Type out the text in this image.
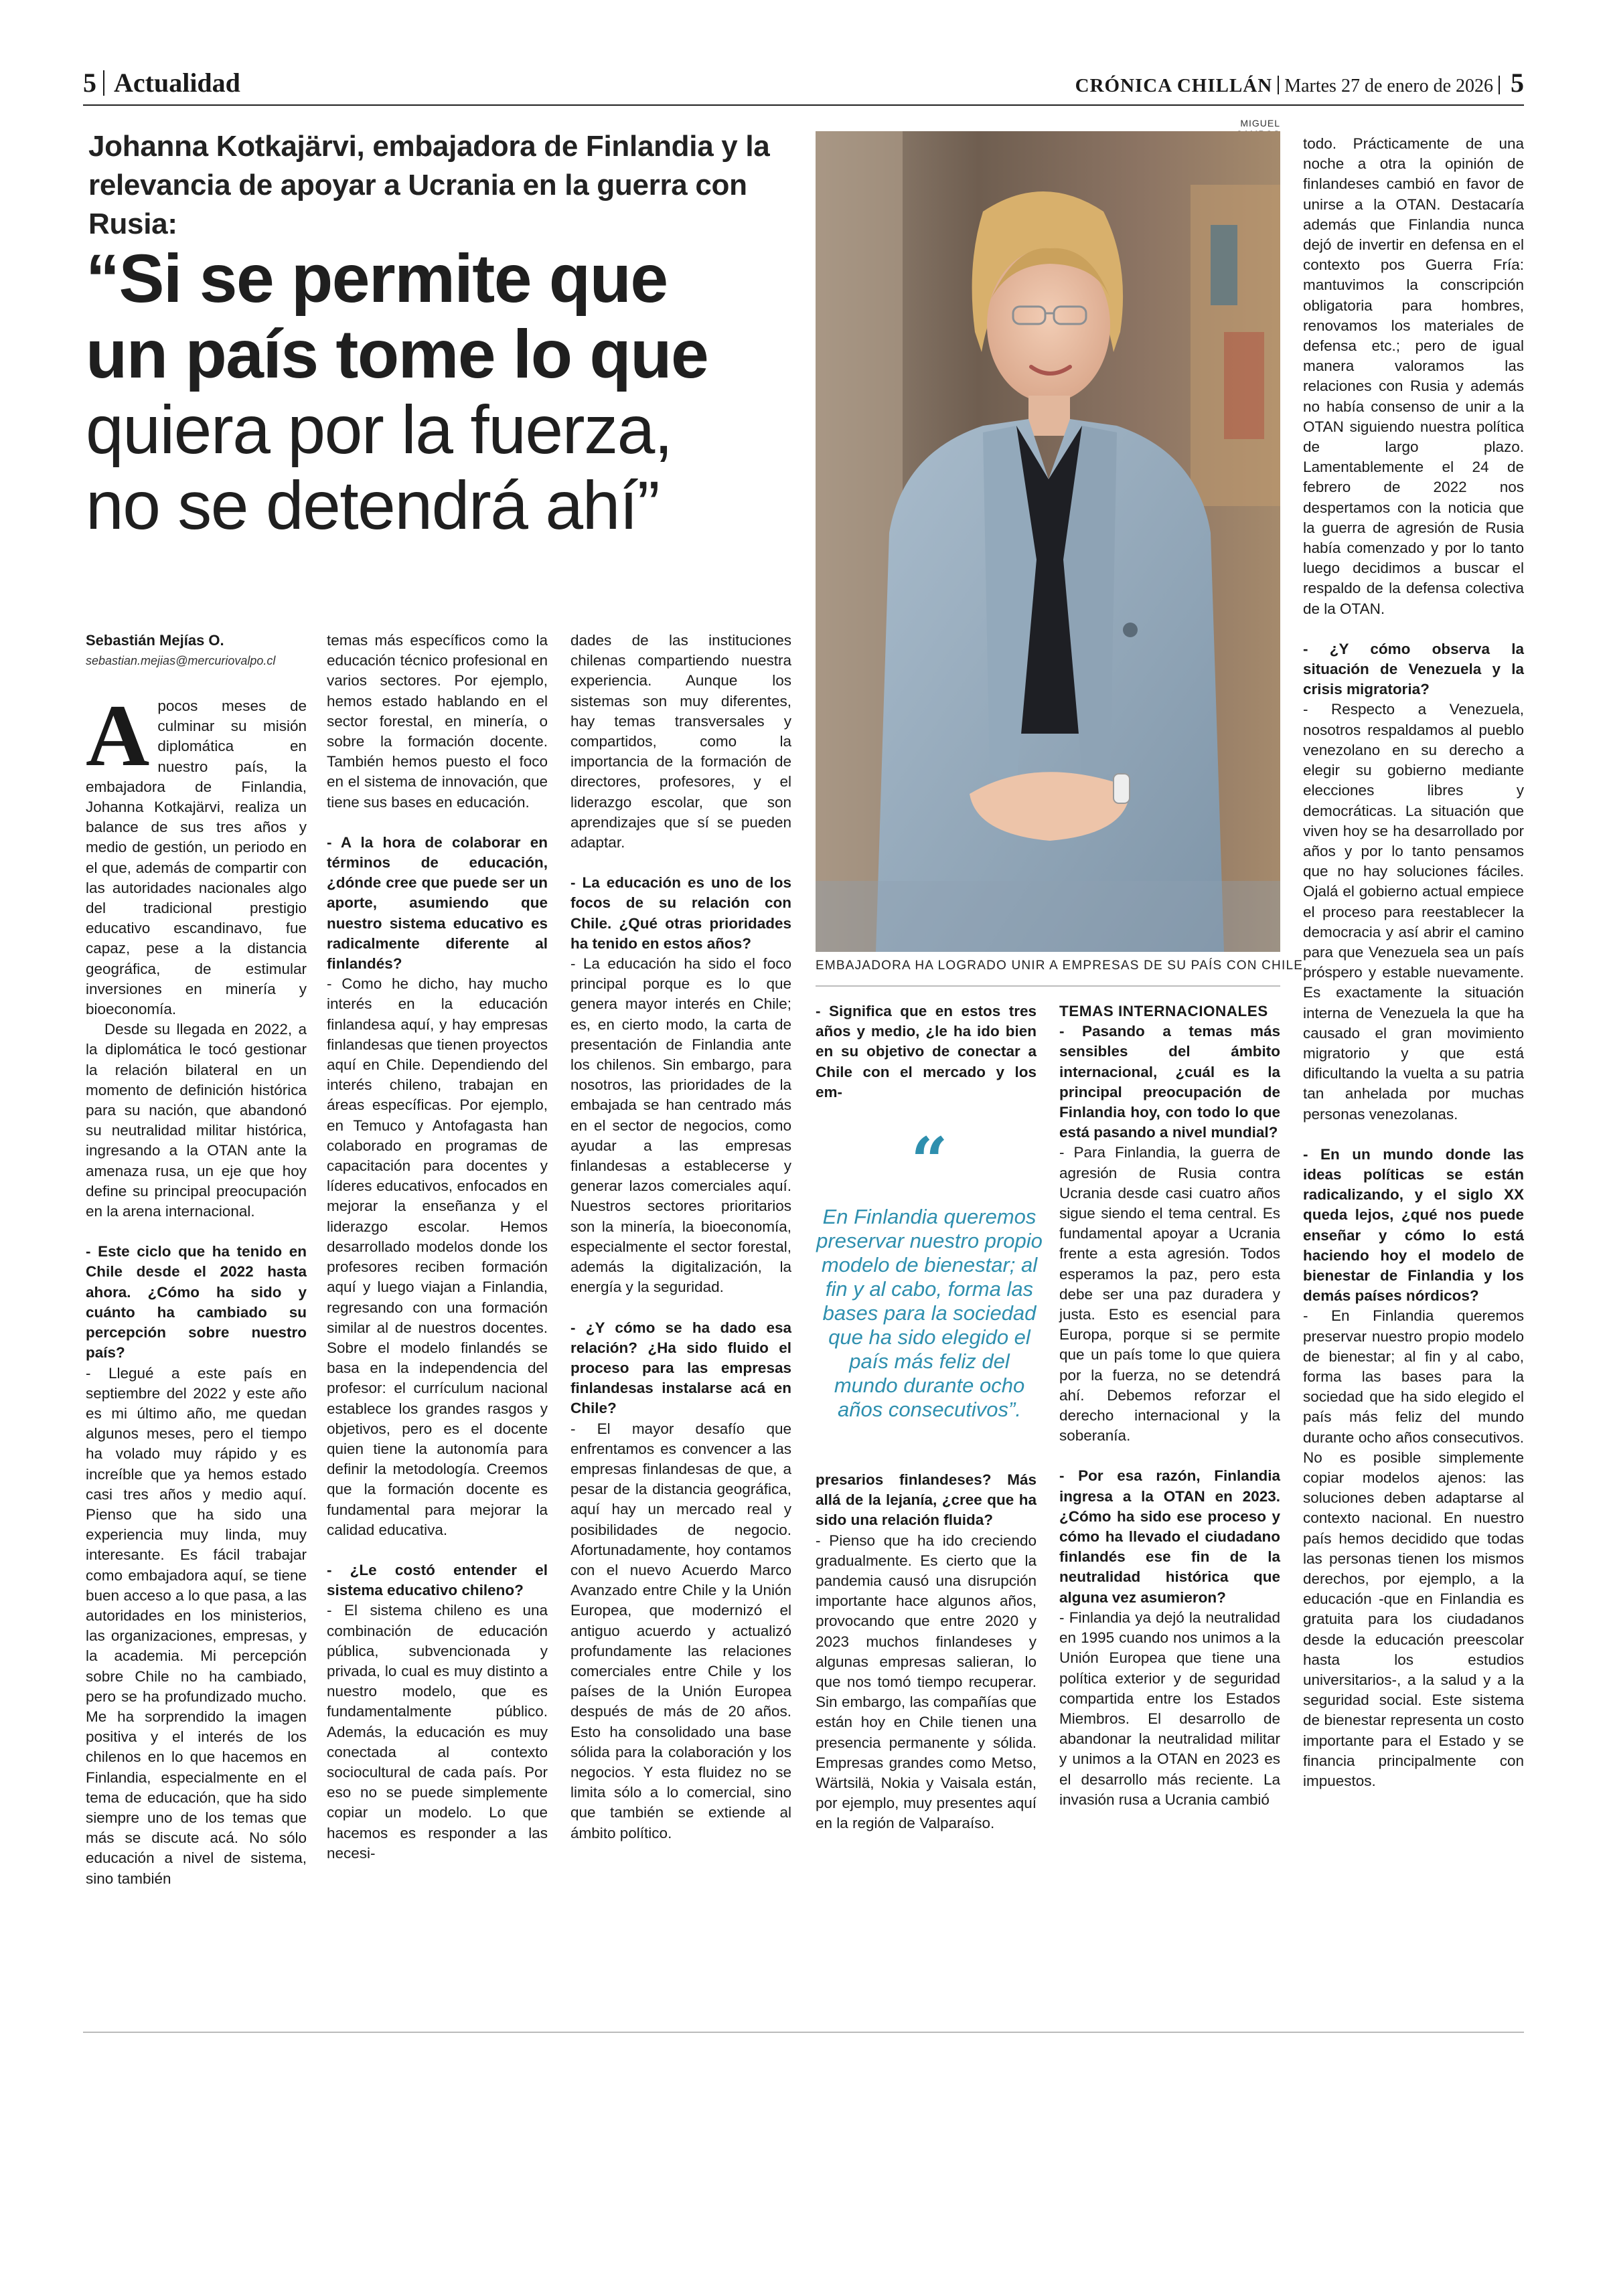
5 Actualidad	CRÓNICA CHILLÁN Martes 27 de enero de 2026 5
Johanna Kotkajärvi, embajadora de Finlandia y la relevancia de apoyar a Ucrania en la guerra con Rusia:
“Si se permite que
un país tome lo que
quiera por la fuerza,
no se detendrá ahí”
Sebastián Mejías O.
sebastian.mejias@mercuriovalpo.cl

Apocos meses de culminar su misión diplomática en nuestro país, la embajadora de Finlandia, Johanna Kotkajärvi, realiza un balance de sus tres años y medio de gestión, un periodo en el que, además de compartir con las autoridades nacionales algo del tradicional prestigio educativo escandinavo, fue capaz, pese a la distancia geográfica, de estimular inversiones en minería y bioeconomía.

Desde su llegada en 2022, a la diplomática le tocó gestionar la relación bilateral en un momento de definición histórica para su nación, que abandonó su neutralidad militar histórica, ingresando a la OTAN ante la amenaza rusa, un eje que hoy define su principal preocupación en la arena internacional.

- Este ciclo que ha tenido en Chile desde el 2022 hasta ahora. ¿Cómo ha sido y cuánto ha cambiado su percepción sobre nuestro país?

- Llegué a este país en septiembre del 2022 y este año es mi último año, me quedan algunos meses, pero el tiempo ha volado muy rápido y es increíble que ya hemos estado casi tres años y medio aquí. Pienso que ha sido una experiencia muy linda, muy interesante. Es fácil trabajar como embajadora aquí, se tiene buen acceso a lo que pasa, a las autoridades en los ministerios, las organizaciones, empresas, y la academia. Mi percepción sobre Chile no ha cambiado, pero se ha profundizado mucho. Me ha sorprendido la imagen positiva y el interés de los chilenos en lo que hacemos en Finlandia, especialmente en el tema de educación, que ha sido siempre uno de los temas que más se discute acá. No sólo educación a nivel de sistema, sino también

temas más específicos como la educación técnico profesional en varios sectores. Por ejemplo, hemos estado hablando en el sector forestal, en minería, o sobre la formación docente. También hemos puesto el foco en el sistema de innovación, que tiene sus bases en educación.

- A la hora de colaborar en términos de educación, ¿dónde cree que puede ser un aporte, asumiendo que nuestro sistema educativo es radicalmente diferente al finlandés?

- Como he dicho, hay mucho interés en la educación finlandesa aquí, y hay empresas finlandesas que tienen proyectos aquí en Chile. Dependiendo del interés chileno, trabajan en áreas específicas. Por ejemplo, en Temuco y Antofagasta han colaborado en programas de capacitación para docentes y líderes educativos, enfocados en mejorar la enseñanza y el liderazgo escolar. Hemos desarrollado modelos donde los profesores reciben formación aquí y luego viajan a Finlandia, regresando con una formación similar al de nuestros docentes. Sobre el modelo finlandés se basa en la independencia del profesor: el currículum nacional establece los grandes rasgos y objetivos, pero es el docente quien tiene la autonomía para definir la metodología. Creemos que la formación docente es fundamental para mejorar la calidad educativa.

- ¿Le costó entender el sistema educativo chileno?

- El sistema chileno es una combinación de educación pública, subvencionada y privada, lo cual es muy distinto a nuestro modelo, que es fundamentalmente público. Además, la educación es muy conectada al contexto sociocultural de cada país. Por eso no se puede simplemente copiar un modelo. Lo que hacemos es responder a las necesi-

dades de las instituciones chilenas compartiendo nuestra experiencia. Aunque los sistemas son muy diferentes, hay temas transversales y compartidos, como la importancia de la formación de directores, profesores, y el liderazgo escolar, que son aprendizajes que sí se pueden adaptar.

- La educación es uno de los focos de su relación con Chile. ¿Qué otras prioridades ha tenido en estos años?

- La educación ha sido el foco principal porque es lo que genera mayor interés en Chile; es, en cierto modo, la carta de presentación de Finlandia ante los chilenos. Sin embargo, para nosotros, las prioridades de la embajada se han centrado más en el sector de negocios, como ayudar a las empresas finlandesas a establecerse y generar lazos comerciales aquí. Nuestros sectores prioritarios son la minería, la bioeconomía, especialmente el sector forestal, además la digitalización, la energía y la seguridad.

- ¿Y cómo se ha dado esa relación? ¿Ha sido fluido el proceso para las empresas finlandesas instalarse acá en Chile?

- El mayor desafío que enfrentamos es convencer a las empresas finlandesas de que, a pesar de la distancia geográfica, aquí hay un mercado real y posibilidades de negocio. Afortunadamente, hoy contamos con el nuevo Acuerdo Marco Avanzado entre Chile y la Unión Europea, que modernizó el antiguo acuerdo y actualizó profundamente las relaciones comerciales entre Chile y los países de la Unión Europea después de más de 20 años. Esto ha consolidado una base sólida para la colaboración y los negocios. Y esta fluidez no se limita sólo a lo comercial, sino que también se extiende al ámbito político.

MIGUEL
EMBAJADORA HA LOGRADO UNIR A EMPRESAS DE SU PAÍS CON CHILE.

- Significa que en estos tres años y medio, ¿le ha ido bien en su objetivo de conectar a Chile con el mercado y los em-

“
En Finlandia queremos preservar nuestro propio modelo de bienestar; al fin y al cabo, forma las bases para la sociedad que ha sido elegido el país más feliz del mundo durante ocho años consecutivos”.

presarios finlandeses? Más allá de la lejanía, ¿cree que ha sido una relación fluida?

- Pienso que ha ido creciendo gradualmente. Es cierto que la pandemia causó una disrupción importante hace algunos años, provocando que entre 2020 y 2023 muchos finlandeses y algunas empresas salieran, lo que nos tomó tiempo recuperar. Sin embargo, las compañías que están hoy en Chile tienen una presencia permanente y sólida. Empresas grandes como Metso, Wärtsilä, Nokia y Vaisala están, por ejemplo, muy presentes aquí en la región de Valparaíso.

TEMAS INTERNACIONALES

- Pasando a temas más sensibles del ámbito internacional, ¿cuál es la principal preocupación de Finlandia hoy, con todo lo que está pasando a nivel mundial?

- Para Finlandia, la guerra de agresión de Rusia contra Ucrania desde casi cuatro años sigue siendo el tema central. Es fundamental apoyar a Ucrania frente a esta agresión. Todos esperamos la paz, pero esta debe ser una paz duradera y justa. Esto es esencial para Europa, porque si se permite que un país tome lo que quiera por la fuerza, no se detendrá ahí. Debemos reforzar el derecho internacional y la soberanía.

- Por esa razón, Finlandia ingresa a la OTAN en 2023. ¿Cómo ha sido ese proceso y cómo ha llevado el ciudadano finlandés ese fin de la neutralidad histórica que alguna vez asumieron?

- Finlandia ya dejó la neutralidad en 1995 cuando nos unimos a la Unión Europea que tiene una política exterior y de seguridad compartida entre los Estados Miembros. El desarrollo de abandonar la neutralidad militar y unimos a la OTAN en 2023 es el desarrollo más reciente. La invasión rusa a Ucrania cambió

todo. Prácticamente de una noche a otra la opinión de finlandeses cambió en favor de unirse a la OTAN. Destacaría además que Finlandia nunca dejó de invertir en defensa en el contexto pos Guerra Fría: mantuvimos la conscripción obligatoria para hombres, renovamos los materiales de defensa etc.; pero de igual manera valoramos las relaciones con Rusia y además no había consenso de unir a la OTAN siguiendo nuestra política de largo plazo. Lamentablemente el 24 de febrero de 2022 nos despertamos con la noticia que la guerra de agresión de Rusia había comenzado y por lo tanto luego decidimos a buscar el respaldo de la defensa colectiva de la OTAN.

- ¿Y cómo observa la situación de Venezuela y la crisis migratoria?

- Respecto a Venezuela, nosotros respaldamos al pueblo venezolano en su derecho a elegir su gobierno mediante elecciones libres y democráticas. La situación que viven hoy se ha desarrollado por años y por lo tanto pensamos que no hay soluciones fáciles. Ojalá el gobierno actual empiece el proceso para reestablecer la democracia y así abrir el camino para que Venezuela sea un país próspero y estable nuevamente. Es exactamente la situación interna de Venezuela la que ha causado el gran movimiento migratorio y que está dificultando la vuelta a su patria tan anhelada por muchas personas venezolanas.

- En un mundo donde las ideas políticas se están radicalizando, y el siglo XX queda lejos, ¿qué nos puede enseñar y cómo lo está haciendo hoy el modelo de bienestar de Finlandia y los demás países nórdicos?

- En Finlandia queremos preservar nuestro propio modelo de bienestar; al fin y al cabo, forma las bases para la sociedad que ha sido elegido el país más feliz del mundo durante ocho años consecutivos. No es posible simplemente copiar modelos ajenos: las soluciones deben adaptarse al contexto nacional. En nuestro país hemos decidido que todas las personas tienen los mismos derechos, por ejemplo, a la educación -que en Finlandia es gratuita para los ciudadanos desde la educación preescolar hasta los estudios universitarios-, a la salud y a la seguridad social. Este sistema de bienestar representa un costo importante para el Estado y se financia principalmente con impuestos.
